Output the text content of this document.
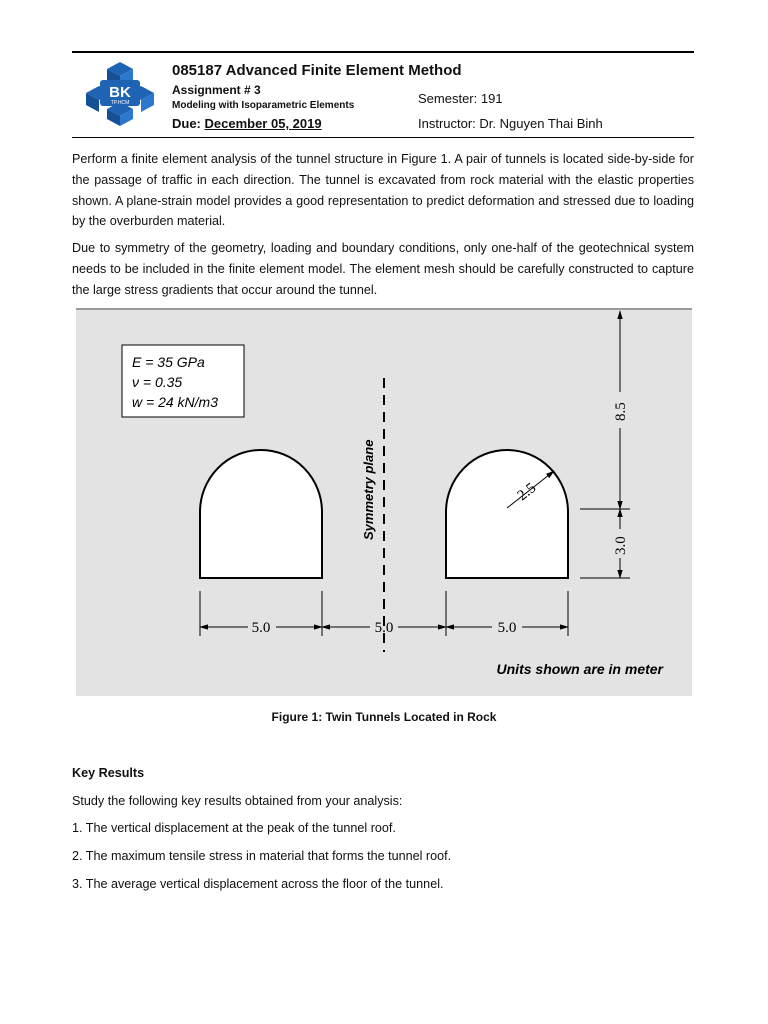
BK
TP.HCM
085187 Advanced Finite Element Method
Assignment # 3
Modeling with Isoparametric Elements
Due: December 05, 2019
Semester: 191
Instructor: Dr. Nguyen Thai Binh
Perform a finite element analysis of the tunnel structure in Figure 1. A pair of tunnels is located side-by-side for the passage of traffic in each direction. The tunnel is excavated from rock material with the elastic properties shown. A plane-strain model provides a good representation to predict deformation and stressed due to loading by the overburden material.
Due to symmetry of the geometry, loading and boundary conditions, only one-half of the geotechnical system needs to be included in the finite element model. The element mesh should be carefully constructed to capture the large stress gradients that occur around the tunnel.
E = 35 GPa
ν = 0.35
w = 24 kN/m3
Symmetry plane	2.5
5.0	5.0	5.0
8.5
3.0
Units shown are in meter
Figure 1: Twin Tunnels Located in Rock
Key Results
Study the following key results obtained from your analysis:
1. The vertical displacement at the peak of the tunnel roof.
2. The maximum tensile stress in material that forms the tunnel roof.
3. The average vertical displacement across the floor of the tunnel.
